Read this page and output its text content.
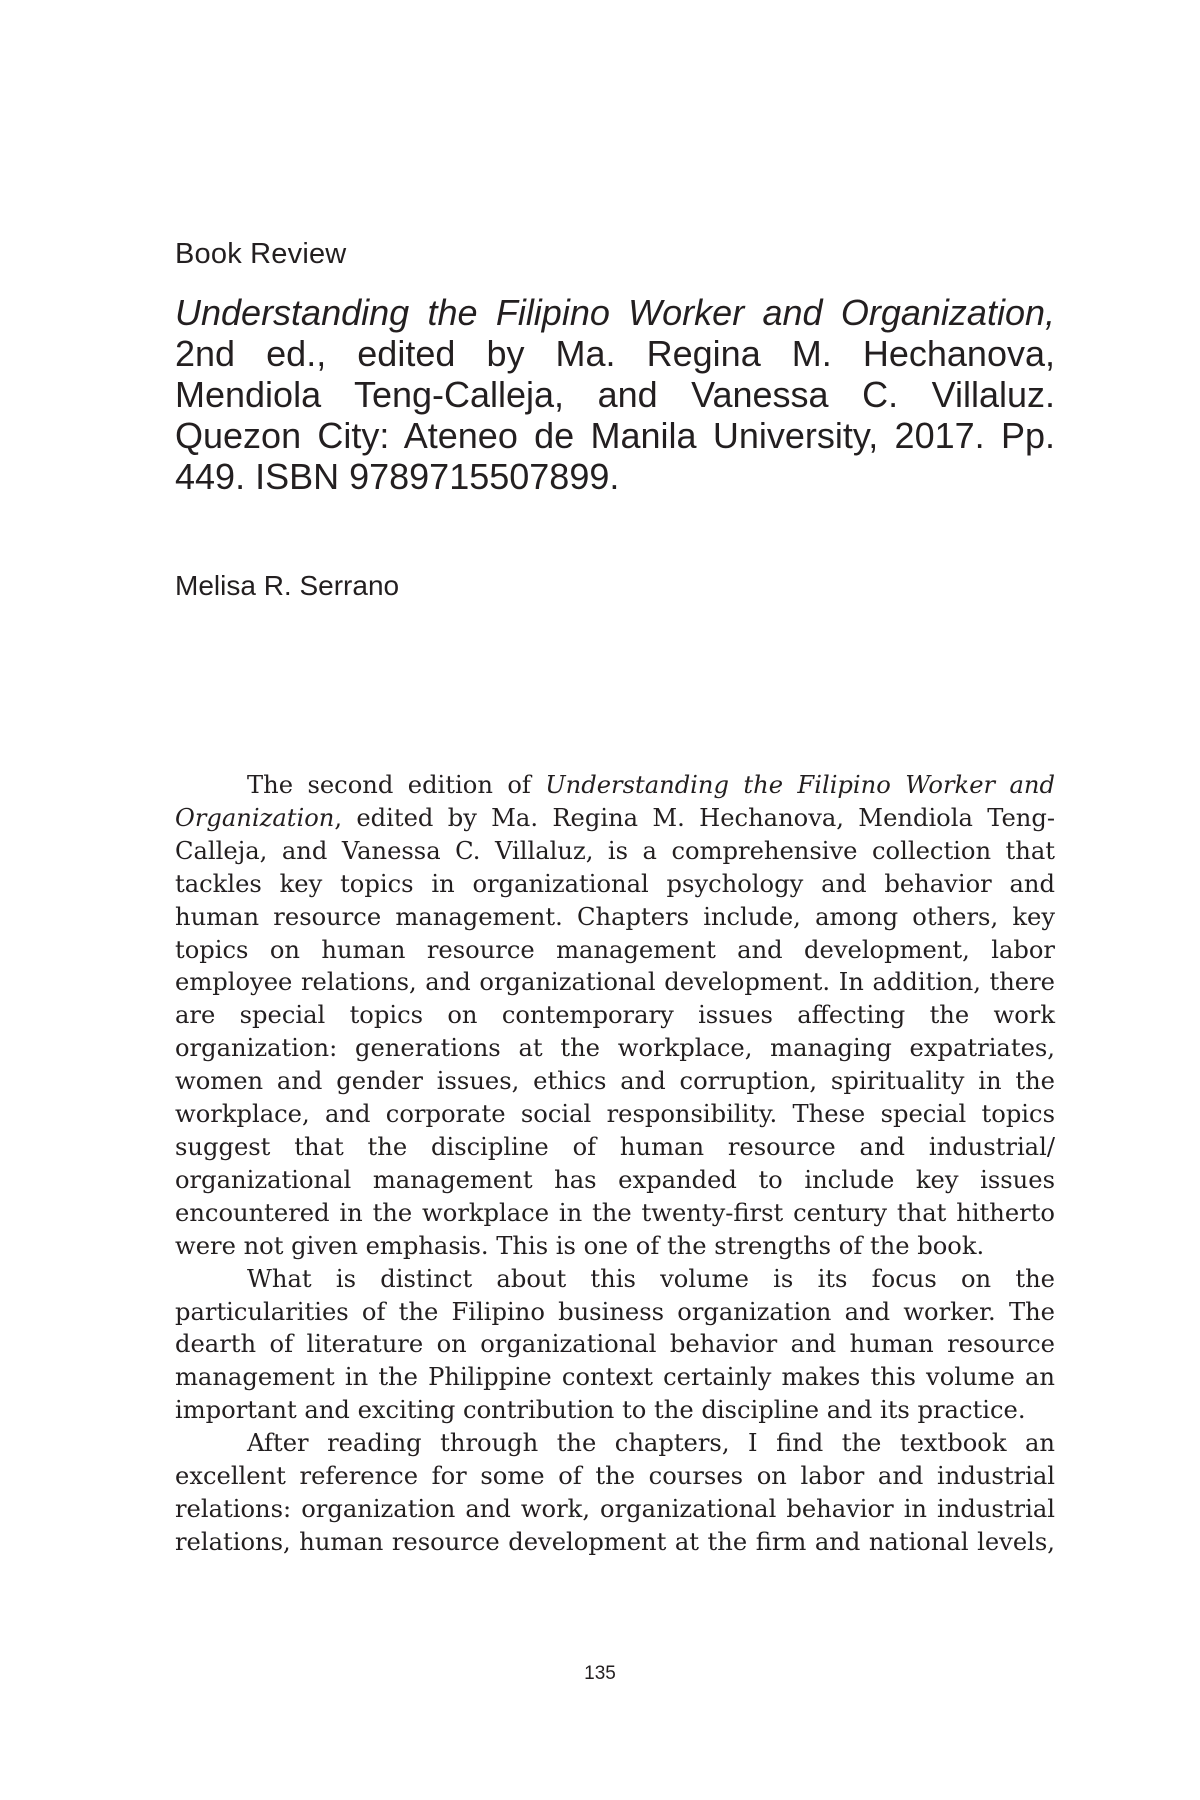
Book Review
Understanding the Filipino Worker and Organization, 2nd ed., edited by Ma. Regina M. Hechanova, Mendiola Teng-Calleja, and Vanessa C. Villaluz. Quezon City: Ateneo de Manila University, 2017. Pp. 449. ISBN 9789715507899.
Melisa R. Serrano

The second edition of Understanding the Filipino Worker and Organization, edited by Ma. Regina M. Hechanova, Mendiola Teng-Calleja, and Vanessa C. Villaluz, is a comprehensive collection that tackles key topics in organizational psychology and behavior and human resource management. Chapters include, among others, key topics on human resource management and development, labor employee relations, and organizational development. In addition, there are special topics on contemporary issues affecting the work organization: generations at the workplace, managing expatriates, women and gender issues, ethics and corruption, spirituality in the workplace, and corporate social responsibility. These special topics suggest that the discipline of human resource and industrial/ organizational management has expanded to include key issues encountered in the workplace in the twenty-first century that hitherto were not given emphasis. This is one of the strengths of the book.

What is distinct about this volume is its focus on the particularities of the Filipino business organization and worker. The dearth of literature on organizational behavior and human resource management in the Philippine context certainly makes this volume an important and exciting contribution to the discipline and its practice.

After reading through the chapters, I find the textbook an excellent reference for some of the courses on labor and industrial relations: organization and work, organizational behavior in industrial relations, human resource development at the firm and national levels,

135
